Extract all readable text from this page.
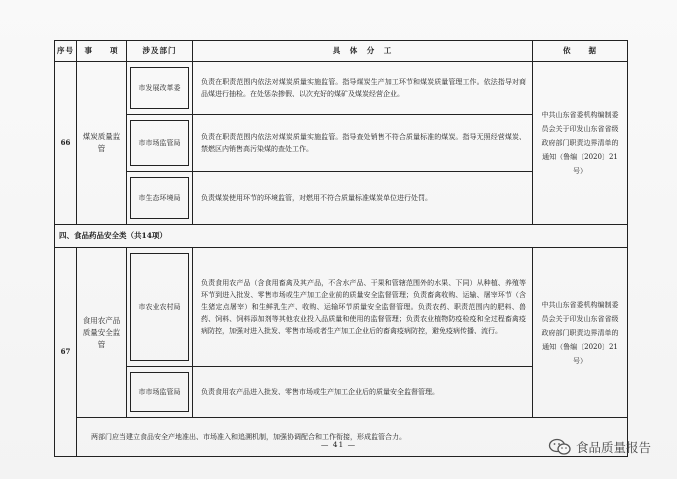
序号	事　　项	涉及部门	具　体　分　工	依　　据
66	煤炭质量监管	市发展改革委	负责在职责范围内依法对煤炭质量实施监管。指导煤炭生产加工环节和煤炭质量管理工作。依法指导对商品煤进行抽检。在处惩杂掺假、以次充好的煤矿及煤炭经营企业。	中共山东省委机构编制委员会关于印发山东省省级政府部门职责边界清单的通知（鲁编〔2020〕21号）

市市场监管局	负责在职责范围内依法对煤炭质量实施监管。指导查处销售不符合质量标准的煤炭。指导无照经营煤炭、禁燃区内销售高污染煤的查处工作。	

市生态环境局	负责煤炭使用环节的环境监管，对燃用不符合质量标准煤炭单位进行处罚。	
四、食品药品安全类（共14项）				
67	食用农产品质量安全监管	市农业农村局	负责食用农产品（含食用畜禽及其产品，不含水产品、干果和管辖范围外的水果、下同）从种植、养殖等环节到进入批发、零售市场或生产加工企业前的质量安全监督管理；负责畜禽收购、运输、屠宰环节（含生猪定点屠宰）和生鲜乳生产、收购、运输环节质量安全监督管理。负责农药、职责范围内的肥料、兽药、饲料、饲料添加剂等其他农业投入品质量和使用的监督管理；负责农业植物防疫检疫和全过程畜禽疫病防控，加强对进入批发、零售市场或者生产加工企业后的畜禽疫病防控，避免疫病传播、流行。	中共山东省委机构编制委员会关于印发山东省省级政府部门职责边界清单的通知（鲁编〔2020〕21号）

市市场监管局	负责食用农产品进入批发、零售市场或生产加工企业后的质量安全监督管理。	
	两部门应当建立食品安全产地准出、市场准入和追溯机制，加强协调配合和工作衔接，形成监管合力。			
— 41 —	食品质量报告
